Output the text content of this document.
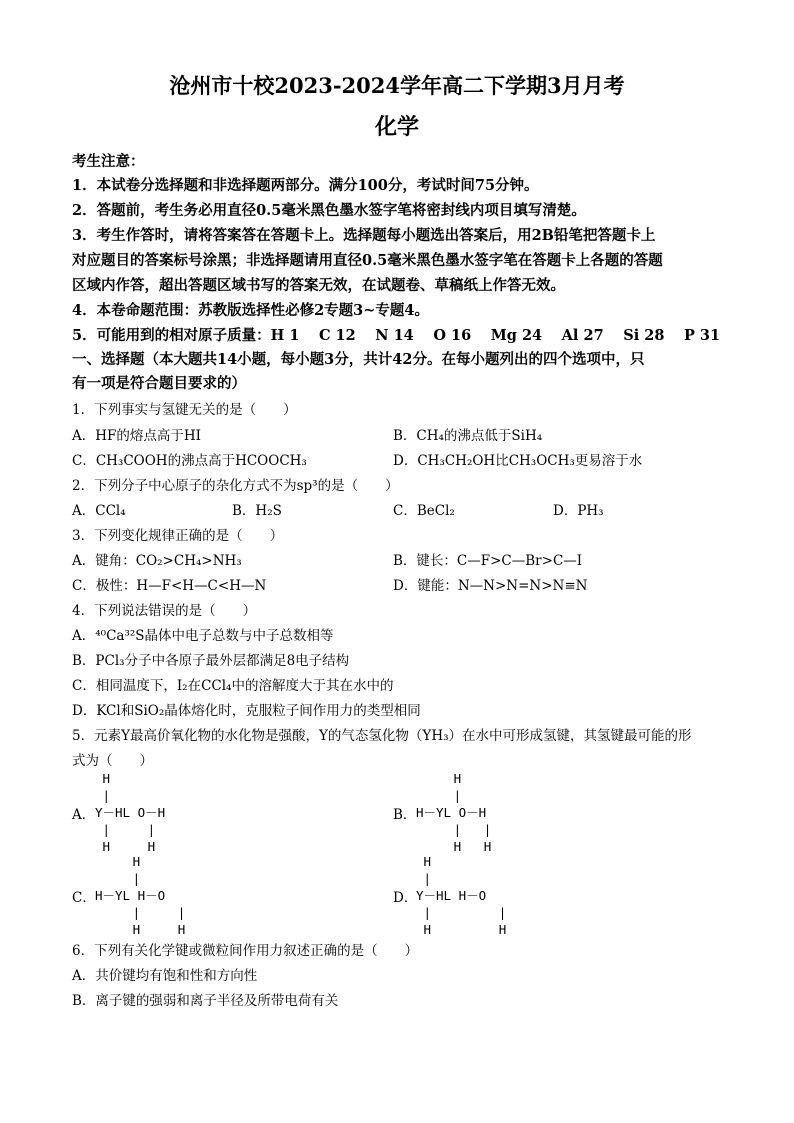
沧州市十校2023-2024学年高二下学期3月月考
化学
考生注意：
1．本试卷分选择题和非选择题两部分。满分100分，考试时间75分钟。
2．答题前，考生务必用直径0.5毫米黑色墨水签字笔将密封线内项目填写清楚。
3．考生作答时，请将答案答在答题卡上。选择题每小题选出答案后，用2B铅笔把答题卡上
对应题目的答案标号涂黑；非选择题请用直径0.5毫米黑色墨水签字笔在答题卡上各题的答题
区域内作答，超出答题区域书写的答案无效，在试题卷、草稿纸上作答无效。
4．本卷命题范围：苏教版选择性必修2专题3~专题4。
5．可能用到的相对原子质量：H 1　 C 12　 N 14　 O 16　 Mg 24　 Al 27　 Si 28　 P 31
一、选择题（本大题共14小题，每小题3分，共计42分。在每小题列出的四个选项中，只
有一项是符合题目要求的）
1．下列事实与氢键无关的是（　　）
A．HF的熔点高于HI	B．CH₄的沸点低于SiH₄
C．CH₃COOH的沸点高于HCOOCH₃	D．CH₃CH₂OH比CH₃OCH₃更易溶于水
2．下列分子中心原子的杂化方式不为sp³的是（　　）
A．CCl₄	B．H₂S	C．BeCl₂	D．PH₃
3．下列变化规律正确的是（　　）
A．键角：CO₂>CH₄>NH₃	B．键长：C—F>C—Br>C—I
C．极性：H—F<H—C<H—N	D．键能：N—N>N=N>N≡N
4．下列说法错误的是（　　）
A．⁴⁰Ca³²S晶体中电子总数与中子总数相等
B．PCl₃分子中各原子最外层都满足8电子结构
C．相同温度下，I₂在CCl₄中的溶解度大于其在水中的
D．KCl和SiO₂晶体熔化时，克服粒子间作用力的类型相同
5．元素Y最高价氧化物的水化物是强酸，Y的气态氢化物（YH₃）在水中可形成氢键，其氢键最可能的形
式为（　　）
A．
H
|
Y－HL O－H
|     |
H     H
B．
H
|
H－YL O－H
|   |
H   H
C．
H
|
H－YL H－O
|     |
H     H
D．
H
|
Y－HL H－O
|         |
H         H
6．下列有关化学键或微粒间作用力叙述正确的是（　　）
A．共价键均有饱和性和方向性
B．离子键的强弱和离子半径及所带电荷有关
